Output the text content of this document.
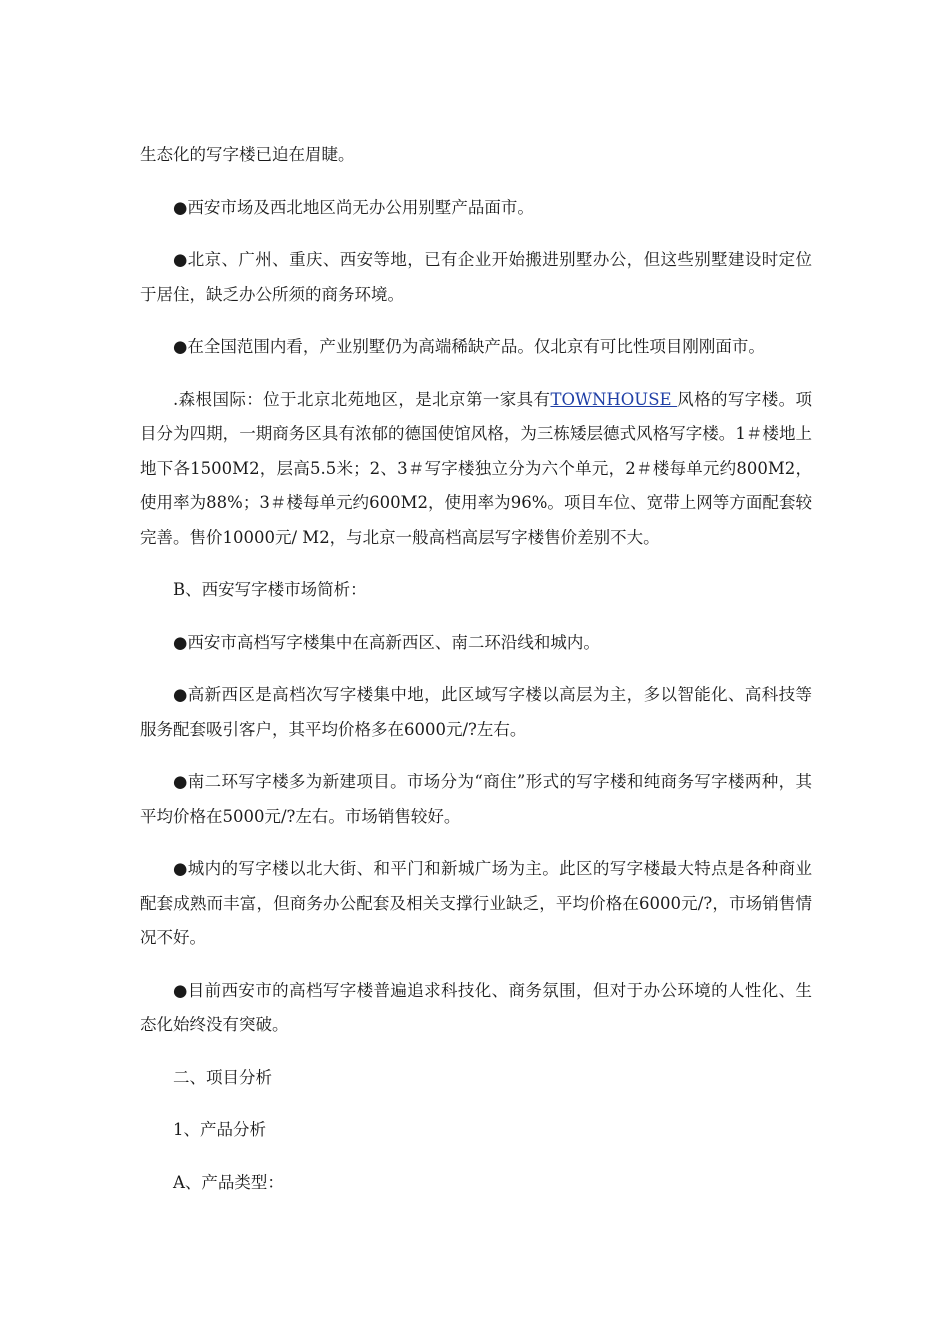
生态化的写字楼已迫在眉睫。

●西安市场及西北地区尚无办公用别墅产品面市。

●北京、广州、重庆、西安等地，已有企业开始搬进别墅办公，但这些别墅建设时定位于居住，缺乏办公所须的商务环境。

●在全国范围内看，产业别墅仍为高端稀缺产品。仅北京有可比性项目刚刚面市。

.森根国际：位于北京北苑地区，是北京第一家具有TOWNHOUSE 风格的写字楼。项目分为四期，一期商务区具有浓郁的德国使馆风格，为三栋矮层德式风格写字楼。1＃楼地上地下各1500M2，层高5.5米；2、3＃写字楼独立分为六个单元，2＃楼每单元约800M2，使用率为88%；3＃楼每单元约600M2，使用率为96%。项目车位、宽带上网等方面配套较完善。售价10000元/ M2，与北京一般高档高层写字楼售价差别不大。

B、西安写字楼市场简析：

●西安市高档写字楼集中在高新西区、南二环沿线和城内。

●高新西区是高档次写字楼集中地，此区域写字楼以高层为主，多以智能化、高科技等服务配套吸引客户，其平均价格多在6000元/?左右。

●南二环写字楼多为新建项目。市场分为“商住”形式的写字楼和纯商务写字楼两种，其平均价格在5000元/?左右。市场销售较好。

●城内的写字楼以北大街、和平门和新城广场为主。此区的写字楼最大特点是各种商业配套成熟而丰富，但商务办公配套及相关支撑行业缺乏，平均价格在6000元/?，市场销售情况不好。

●目前西安市的高档写字楼普遍追求科技化、商务氛围，但对于办公环境的人性化、生态化始终没有突破。

二、项目分析

1、产品分析

A、产品类型：
